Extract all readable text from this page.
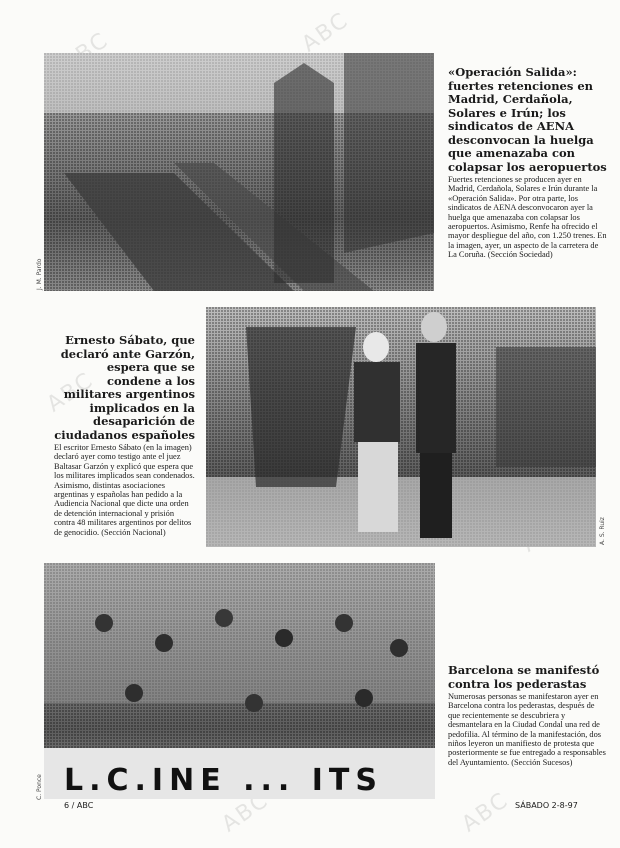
ABC
ABC
ABC	ABC
J. M. Pardo

«Operación Salida»: fuertes retenciones en Madrid, Cerdañola, Solares e Irún; los sindicatos de AENA desconvocan la huelga que amenazaba con colapsar los aeropuertos

Fuertes retenciones se producen ayer en Madrid, Cerdañola, Solares e Irún durante la «Operación Salida». Por otra parte, los sindicatos de AENA desconvocaron ayer la huelga que amenazaba con colapsar los aeropuertos. Asimismo, Renfe ha ofrecido el mayor despliegue del año, con 1.250 trenes. En la imagen, ayer, un aspecto de la carretera de La Coruña. (Sección Sociedad)

Ernesto Sábato, que declaró ante Garzón, espera que se condene a los militares argentinos implicados en la desaparición de ciudadanos españoles

El escritor Ernesto Sábato (en la imagen) declaró ayer como testigo ante el juez Baltasar Garzón y explicó que espera que los militares implicados sean condenados. Asimismo, distintas asociaciones argentinas y españolas han pedido a la Audiencia Nacional que dicte una orden de detención internacional y prisión contra 48 militares argentinos por delitos de genocidio. (Sección Nacional)	A. S. Ruiz
L.C.INE ... ITS
C. Ponce

Barcelona se manifestó contra los pederastas

Numerosas personas se manifestaron ayer en Barcelona contra los pederastas, después de que recientemente se descubriera y desmantelara en la Ciudad Condal una red de pedofilia. Al término de la manifestación, dos niños leyeron un manifiesto de protesta que posteriormente se fue entregado a responsables del Ayuntamiento. (Sección Sucesos)

6 / ABC	SÁBADO 2-8-97
